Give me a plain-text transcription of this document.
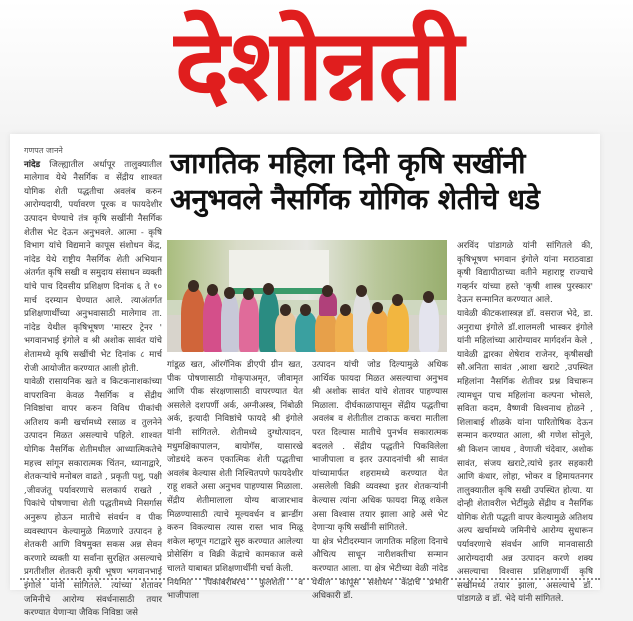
देशोन्नती
गणपत जानने
नांदेड जिल्ह्यातील अर्धापूर तालुक्यातील मालेगाव येथे नैसर्गिक व सेंद्रीय शाश्वत योगिक शेती पद्धतीचा अवलंब करुन आरोग्यदायी, पर्यावरण पूरक व फायदेशीर उत्पादन घेण्याचे तंत्र कृषि सखींनी नैसर्गिक शेतीस भेट देऊन अनुभवले. आत्मा - कृषि विभाग यांचे विद्यमाने कापूस संशोधन केंद्र, नांदेड येथे राष्ट्रीय नैसर्गिक शेती अभियान अंतर्गत कृषि सखी व समुदाय संसाधन व्यक्ती यांचे पाच दिवसीय प्रशिक्षण दिनांक ६ ते १० मार्च दरम्यान घेण्यात आले. त्याअंतर्गत प्रशिक्षणार्थींच्या अनुभवासाठी मालेगाव ता. नांदेड येथील कृषिभूषण 'मास्टर ट्रेनर ' भगवानभाई इंगोले व श्री अशोक सावंत यांचे शेतामध्ये कृषि सखींची भेट दिनांक ८ मार्च रोजी आयोजीत करण्यात आली होती.
यावेळी रासायनिक खते व किटकनाशकांच्या वापराविना केवळ नैसर्गिक व सेंद्रीय निविष्ठांचा वापर करुन विविध पीकांची अतिशय कमी खर्चामध्ये रसाळ व तुलनेने उत्पादन मिळत असल्याचे पहिले. शाश्वत योगिक नैसर्गिक शेतीमधील आध्यात्मिकतेचे महत्त्व सांगून सकारात्मक चिंतन, ध्यानाद्वारे, शेतकऱ्यांचे मनोबल वाढते , प्रकृती पशु, पक्षी ,जीवजंतू पर्यावरणाचे सलकार्य राखते , पिकांचे पोषणाचा शेती पद्धतीमध्ये निसर्गास अनुरूप होऊन मातीचे संवर्धन व पीक व्यवस्थापन केल्यामुळे मिळणारे उत्पादन हे शेतकरी आणि विषमुक्त सकस अन्न सेवन करणारे व्यक्ती या सर्वांना सुरक्षित असल्याचे प्रगतीशील शेतकरी कृषी भूषण भगवानभाई इंगोले यांनी सांगितले. त्यांच्या शेतावर जमिनीचे आरोग्य संवर्धनासाठी तयार करण्यात येणाऱ्या जैविक निविष्ठा जसे
जागतिक महिला दिनी कृषि सखींनी
अनुभवले नैसर्गिक योगिक शेतीचे धडे
गांडूळ खत, ऑरगॅनिक डीएपी ग्रीन खत, पीक पोषणासाठी गोकृपाअमृत, जीवामृत आणि पीक संरक्षणासाठी वापरण्यात येत असलेले दशपर्णी अर्क, अग्नीअस्त्र, निंबोळी अर्क, इत्यादी निविष्ठांचे फायदे श्री इंगोले यांनी सांगितले. शेतीमध्ये दुग्धोत्पादन, मधुमक्षिकापालन, बायोगॅस, यासारखे जोडधंदे करुन एकात्मिक शेती पद्धतीचा अवलंब केल्यास शेती निश्चितपणे फायदेशीर राहू शकते असा अनुभव पाहण्यास मिळाला. सेंद्रीय शेतीमालाला योग्य बाजारभाव मिळण्यासाठी त्याचे मूल्यवर्धन व ब्रान्डींग करुन विकल्यास त्यास रास्त भाव मिळू शकेल म्हणून गटाद्वारे सुरु करण्यात आलेल्या प्रोसेसिंग व विक्री केंद्राचे कामकाज कसे चालते याबाबत प्रशिक्षणार्थींनी चर्चा केली.
नियमित पिकांबरोबरच फुलशेती व भाजीपाला
उत्पादन यांची जोड दिल्यामुळे अधिक आर्थिक फायदा मिळत असल्याचा अनुभव श्री अशोक सावंत यांचे शेतावर पाहण्यास मिळाला. दीर्घकाळापासून सेंद्रीय पद्धतीचा अवलंब व शेतीतील टाकाऊ कचरा मातीला परत दिल्यास मातीचे पुनर्भव सकारात्मक बदलले . सेंद्रीय पद्धतीने पिकविलेला भाजीपाला व इतर उत्पादनांची श्री सावंत यांच्यामार्फत शहरामध्ये करण्यात येत असलेली विक्री व्यवस्था इतर शेतकऱ्यांनी केल्यास त्यांना अधिक फायदा मिळू शकेल असा विश्वास तयार झाला आहे असे भेट देणाऱ्या कृषि सखींनी सांगितले.
या क्षेत्र भेटीदरम्यान जागतिक महिला दिनाचे औचित्य साधून नारीशक्तीचा सन्मान करण्यात आला. या क्षेत्र भेटीच्या वेळी नांदेड येथील कापूस संशोधन केंद्राचे प्रभारी अधिकारी डॉ.
अरविंद पांडागळे यांनी सांगितले की, कृषिभूषण भगवान इंगोले यांना मराठवाडा कृषी विद्यापीठाच्या वतीने महाराष्ट्र राज्याचे गव्हर्नर यांच्या हस्ते 'कृषी शास्त्र पुरस्कार' देऊन सन्मानित करण्यात आले.
यावेळी कीटकशास्त्रज्ञ डॉ. वसराज भेदे, डा. अनुराधा इंगोले डॉ.शालमली भास्कर इंगोले यांनी महिलांच्या आरोग्यावर मार्गदर्शन केले , यावेळी द्वारका शेषेराव राजेनर, कृषीसखी सौ.अनिता सावंत ,आशा खराटे ,उपस्थित महिलांना नैसर्गिक शेतीवर प्रश्न विचारून त्यामधून पाच महिलांना कल्पना भोसले, सविता कदम, वैष्णवी विश्वनाथ होळने , शिलाबाई शीळके यांना पारितोषिक देऊन सन्मान करण्यात आला, श्री गणेश सोनुले, श्री किशन जाधव , वेणाजी चंदेवार, अशोक सावंत, संजय खराटे,त्यांचे इतर सहकारी आणि कंधार, लोहा, भोकर व हिमायतनगर तालुक्यातील कृषि सखी उपस्थित होत्या. या दोन्ही शेतावरील भेटींमुळे सेंद्रीय व नैसर्गिक योगिक शेती पद्धती वापर केल्यामुळे अतिशय अल्प खर्चामध्ये जमिनीचे आरोग्य सुधारून पर्यावरणाचे संवर्धन आणि मानवासाठी आरोग्यदायी अन्न उत्पादन करणे शक्य असल्याचा विश्वास प्रशिक्षणार्थी कृषि सखींमध्ये तयार झाला, असल्याचे डॉ. पांडागळे व डॉ. भेदे यांनी सांगितले.
